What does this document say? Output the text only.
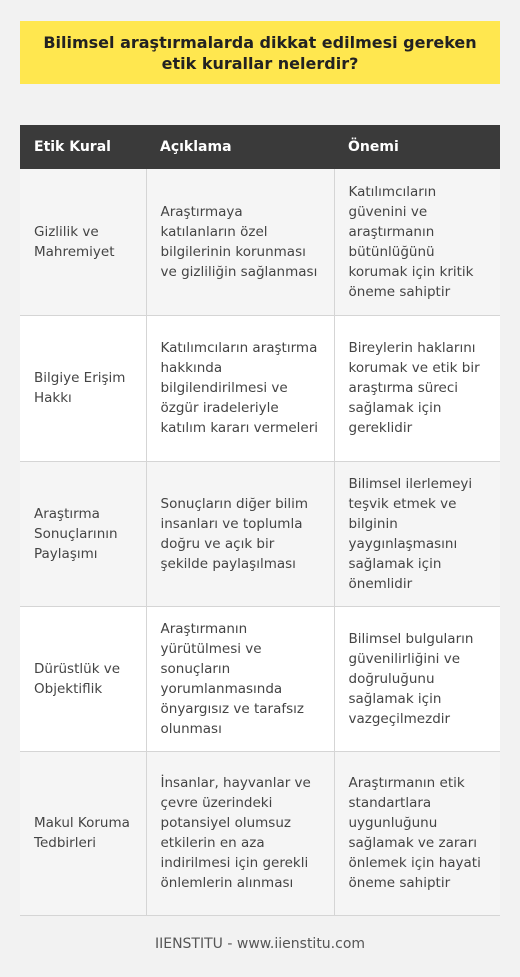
Bilimsel araştırmalarda dikkat edilmesi gereken etik kurallar nelerdir?
Etik Kural	Açıklama	Önemi
Gizlilik ve Mahremiyet	Araştırmaya katılanların özel bilgilerinin korunması ve gizliliğin sağlanması	Katılımcıların güvenini ve araştırmanın bütünlüğünü korumak için kritik öneme sahiptir
Bilgiye Erişim Hakkı	Katılımcıların araştırma hakkında bilgilendirilmesi ve özgür iradeleriyle katılım kararı vermeleri	Bireylerin haklarını korumak ve etik bir araştırma süreci sağlamak için gereklidir
Araştırma Sonuçlarının Paylaşımı	Sonuçların diğer bilim insanları ve toplumla doğru ve açık bir şekilde paylaşılması	Bilimsel ilerlemeyi teşvik etmek ve bilginin yaygınlaşmasını sağlamak için önemlidir
Dürüstlük ve Objektiflik	Araştırmanın yürütülmesi ve sonuçların yorumlanmasında önyargısız ve tarafsız olunması	Bilimsel bulguların güvenilirliğini ve doğruluğunu sağlamak için vazgeçilmezdir
Makul Koruma Tedbirleri	İnsanlar, hayvanlar ve çevre üzerindeki potansiyel olumsuz etkilerin en aza indirilmesi için gerekli önlemlerin alınması	Araştırmanın etik standartlara uygunluğunu sağlamak ve zararı önlemek için hayati öneme sahiptir
IIENSTITU - www.iienstitu.com
